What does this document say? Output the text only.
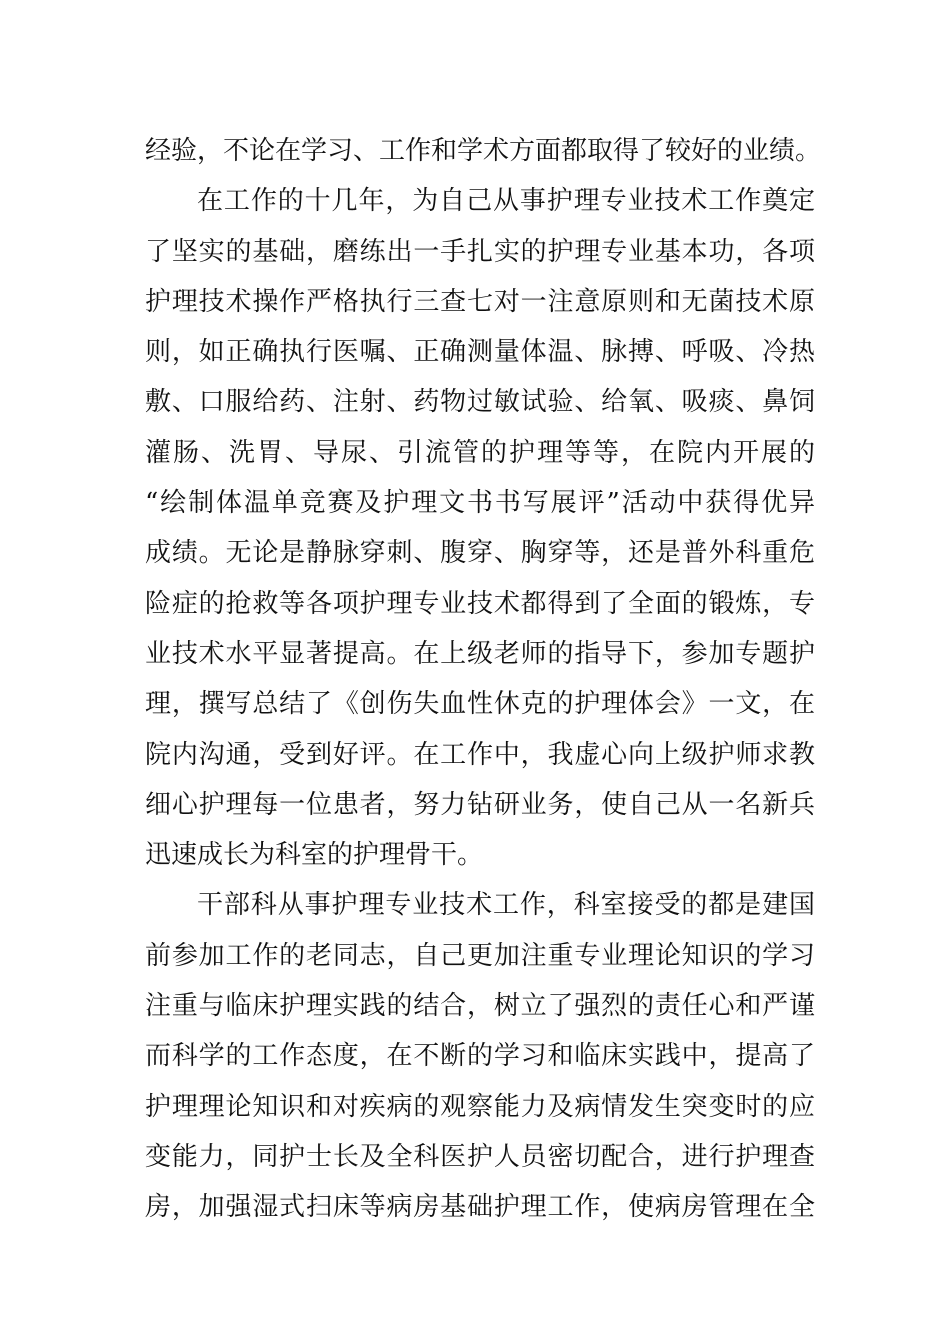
经验，不论在学习、工作和学术方面都取得了较好的业绩。
在工作的十几年，为自己从事护理专业技术工作奠定
了坚实的基础，磨练出一手扎实的护理专业基本功，各项
护理技术操作严格执行三查七对一注意原则和无菌技术原
则，如正确执行医嘱、正确测量体温、脉搏、呼吸、冷热
敷、口服给药、注射、药物过敏试验、给氧、吸痰、鼻饲
灌肠、洗胃、导尿、引流管的护理等等，在院内开展的
“绘制体温单竞赛及护理文书书写展评”活动中获得优异
成绩。无论是静脉穿刺、腹穿、胸穿等，还是普外科重危
险症的抢救等各项护理专业技术都得到了全面的锻炼，专
业技术水平显著提高。在上级老师的指导下，参加专题护
理，撰写总结了《创伤失血性休克的护理体会》一文，在
院内沟通，受到好评。在工作中，我虚心向上级护师求教
细心护理每一位患者，努力钻研业务，使自己从一名新兵
迅速成长为科室的护理骨干。
干部科从事护理专业技术工作，科室接受的都是建国
前参加工作的老同志，自己更加注重专业理论知识的学习
注重与临床护理实践的结合，树立了强烈的责任心和严谨
而科学的工作态度，在不断的学习和临床实践中，提高了
护理理论知识和对疾病的观察能力及病情发生突变时的应
变能力，同护士长及全科医护人员密切配合，进行护理查
房，加强湿式扫床等病房基础护理工作，使病房管理在全
